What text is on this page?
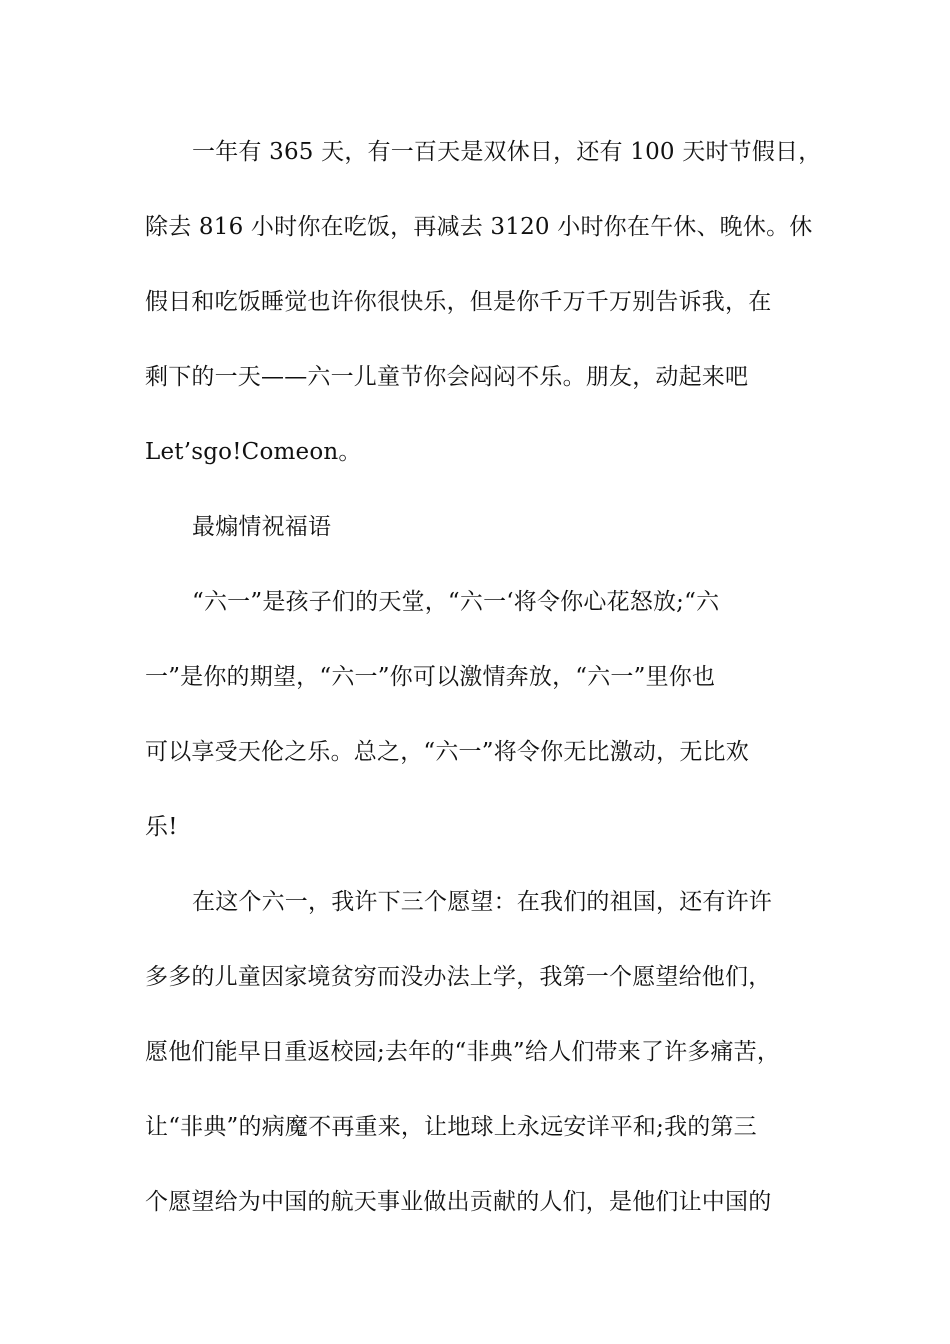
一年有 365 天，有一百天是双休日，还有 100 天时节假日，
除去 816 小时你在吃饭，再减去 3120 小时你在午休、晚休。休
假日和吃饭睡觉也许你很快乐，但是你千万千万别告诉我，在
剩下的一天——六一儿童节你会闷闷不乐。朋友，动起来吧
Let’sgo!Comeon。
最煽情祝福语
“六一”是孩子们的天堂，“六一‘将令你心花怒放;“六
一”是你的期望，“六一”你可以激情奔放，“六一”里你也
可以享受天伦之乐。总之，“六一”将令你无比激动，无比欢
乐!
在这个六一，我许下三个愿望：在我们的祖国，还有许许
多多的儿童因家境贫穷而没办法上学，我第一个愿望给他们，
愿他们能早日重返校园;去年的“非典”给人们带来了许多痛苦，
让“非典”的病魔不再重来，让地球上永远安详平和;我的第三
个愿望给为中国的航天事业做出贡献的人们，是他们让中国的
